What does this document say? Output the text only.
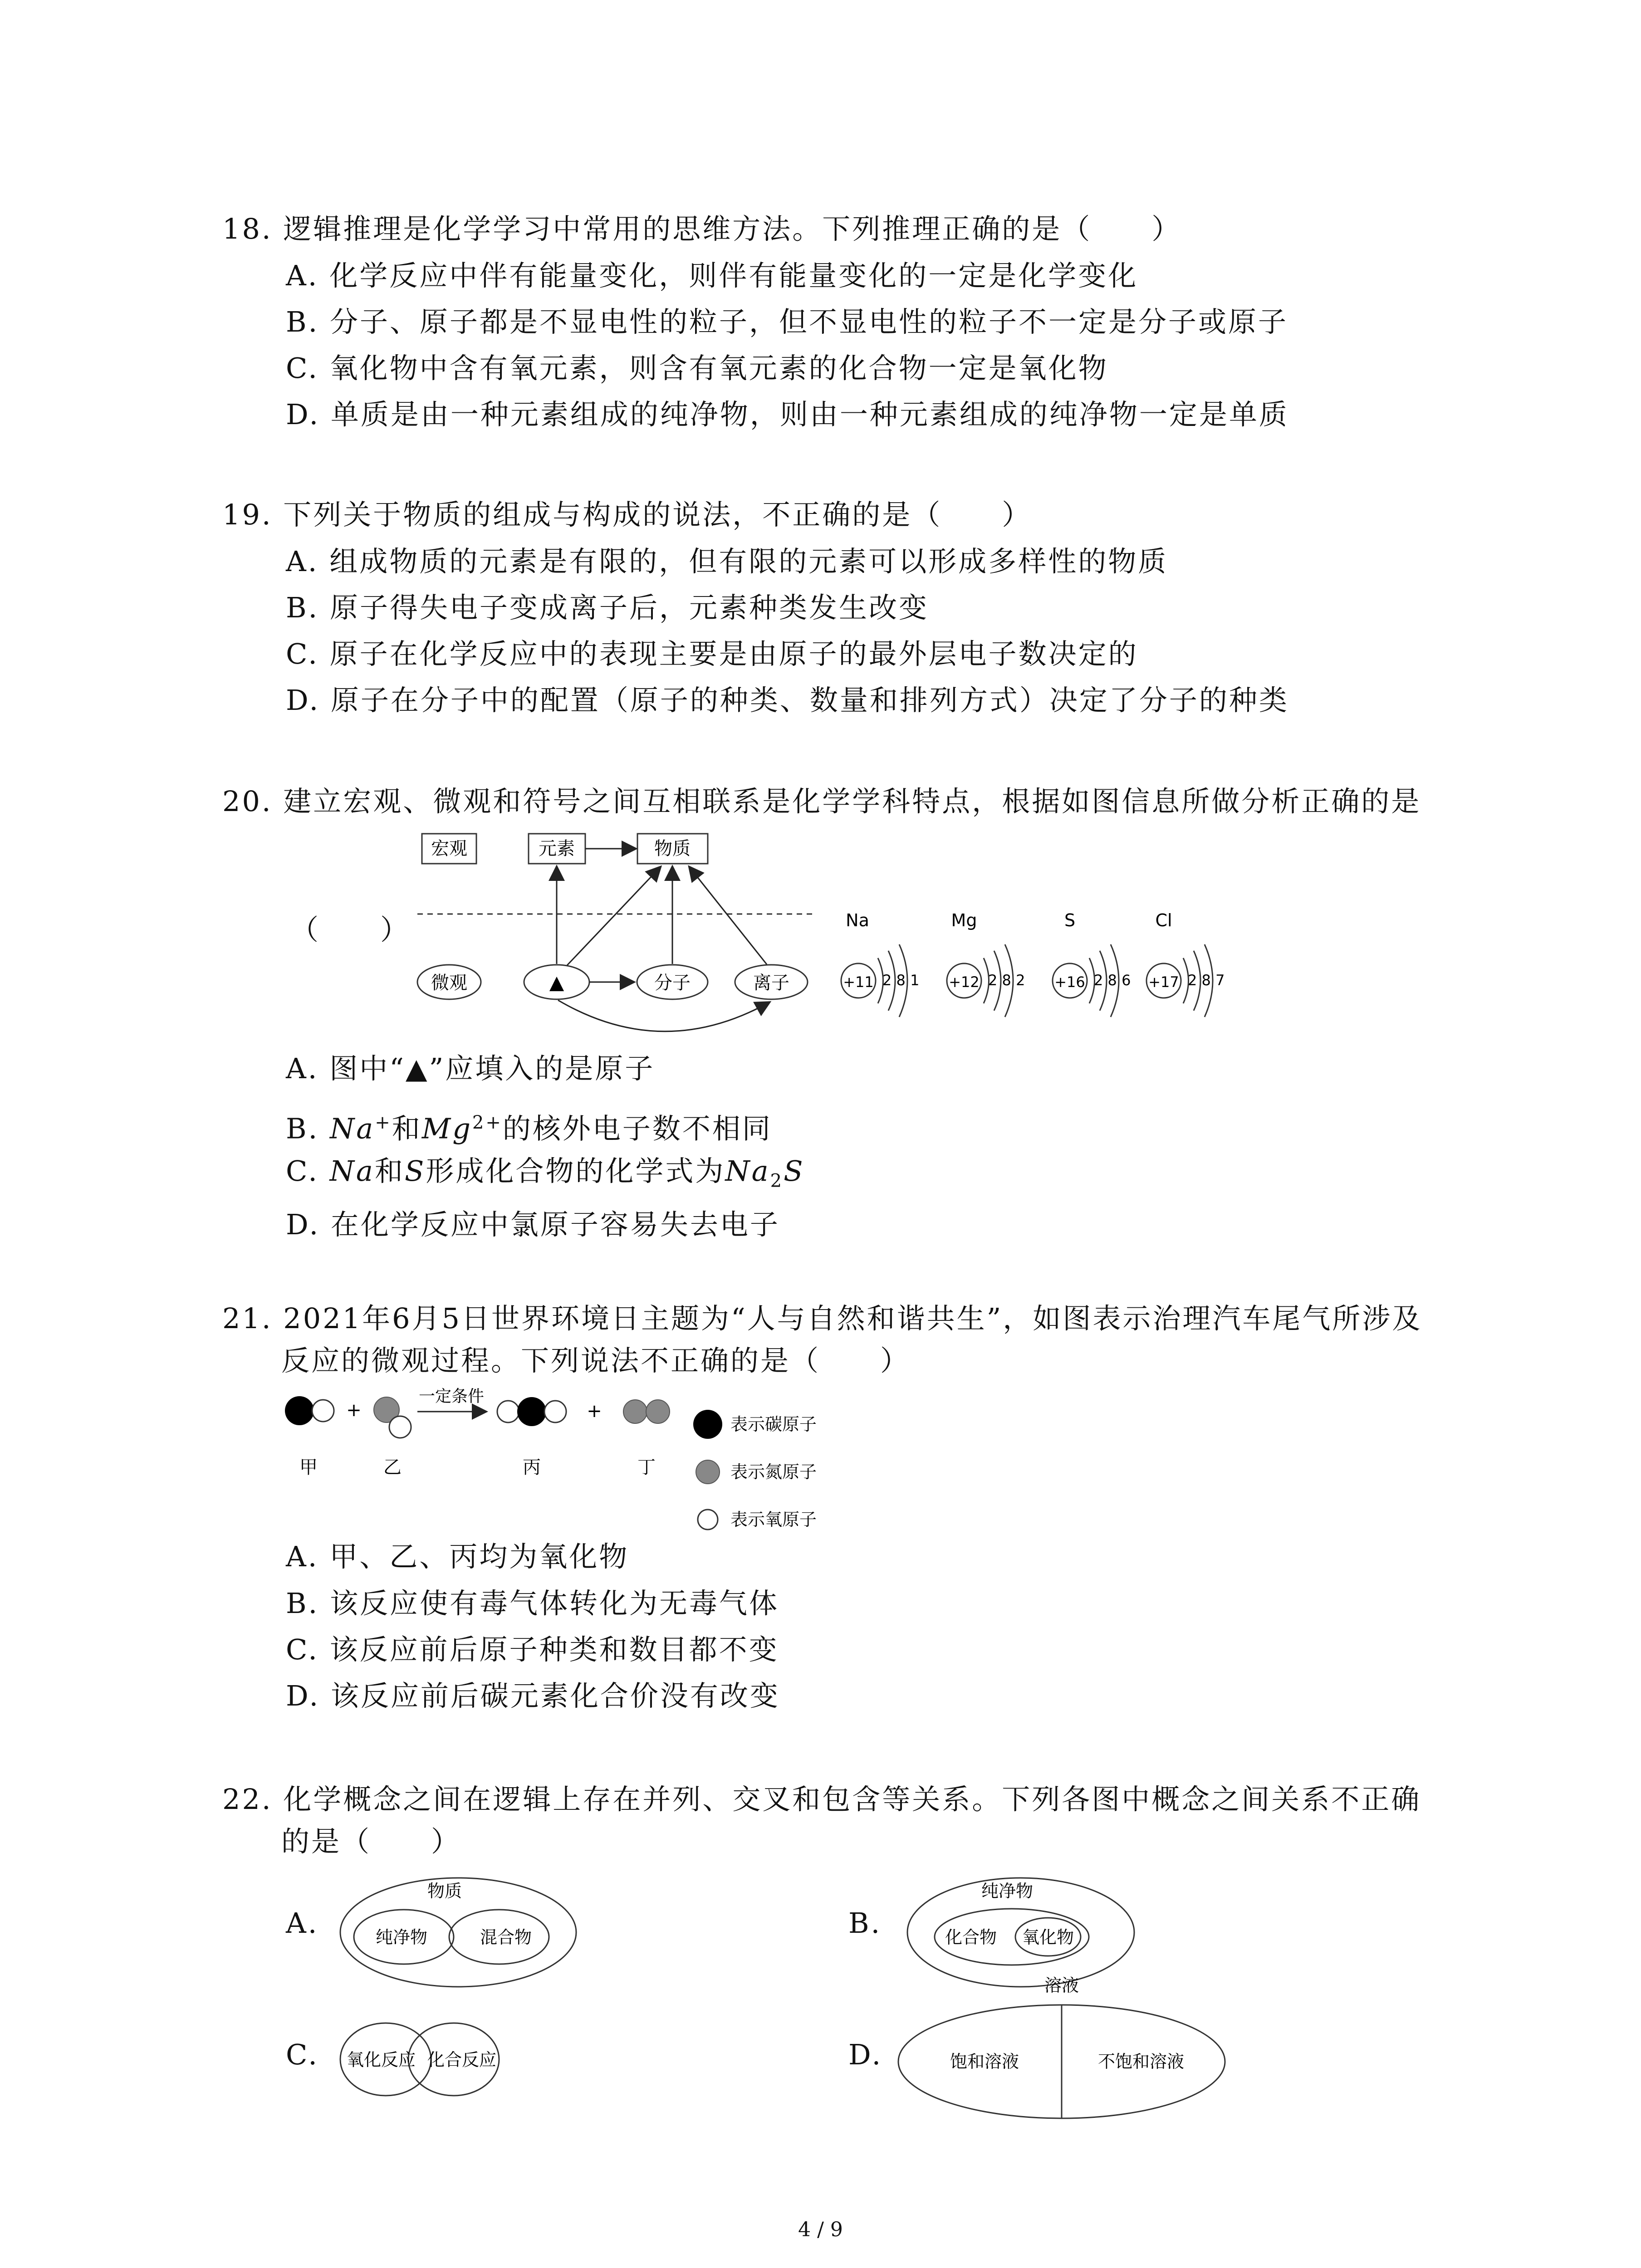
18. 逻辑推理是化学学习中常用的思维方法。下列推理正确的是（　　）
A. 化学反应中伴有能量变化，则伴有能量变化的一定是化学变化
B. 分子、原子都是不显电性的粒子，但不显电性的粒子不一定是分子或原子
C. 氧化物中含有氧元素，则含有氧元素的化合物一定是氧化物
D. 单质是由一种元素组成的纯净物，则由一种元素组成的纯净物一定是单质
19. 下列关于物质的组成与构成的说法，不正确的是（　　）
A. 组成物质的元素是有限的，但有限的元素可以形成多样性的物质
B. 原子得失电子变成离子后，元素种类发生改变
C. 原子在化学反应中的表现主要是由原子的最外层电子数决定的
D. 原子在分子中的配置（原子的种类、数量和排列方式）决定了分子的种类
20. 建立宏观、微观和符号之间互相联系是化学学科特点，根据如图信息所做分析正确的是
（　　）
宏观	元素	物质
微观	▲	分子	离子
Na
+11 2 8 1
Mg
+12 2 8 2
S
+16 2 8 6
Cl
+17 2 8 7
A. 图中“▲”应填入的是原子
B. Na+和$Mg^{2+}$的核外电子数不相同
C. Na和S形成化合物的化学式为$Na_2S$
D. 在化学反应中氯原子容易失去电子
21. 2021年6月5日世界环境日主题为“人与自然和谐共生”，如图表示治理汽车尾气所涉及
反应的微观过程。下列说法不正确的是（　　）
+
一定条件
+
甲	乙	丙	丁
表示碳原子
表示氮原子
表示氧原子
A. 甲、乙、丙均为氧化物
B. 该反应使有毒气体转化为无毒气体
C. 该反应前后原子种类和数目都不变
D. 该反应前后碳元素化合价没有改变
22. 化学概念之间在逻辑上存在并列、交叉和包含等关系。下列各图中概念之间关系不正确
的是（　　）
A.
物质
纯净物	混合物	B.
纯净物
化合物 氧化物
C. 氧化反应 化合反应	D.
溶液
饱和溶液	不饱和溶液
4 / 9
